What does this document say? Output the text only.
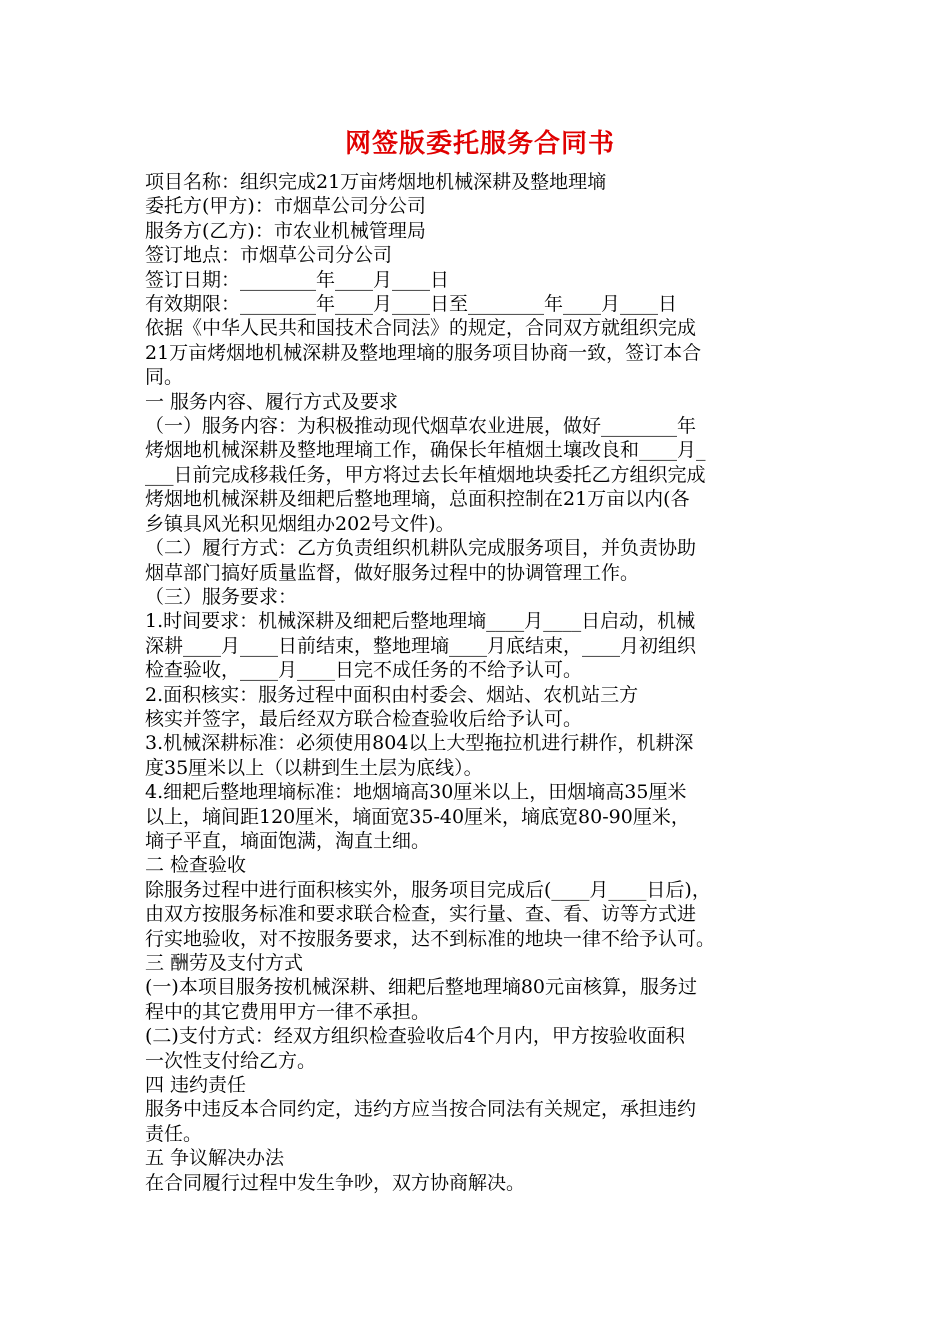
网签版委托服务合同书

项目名称：组织完成21万亩烤烟地机械深耕及整地理墒

委托方(甲方)：市烟草公司分公司

服务方(乙方)：市农业机械管理局

签订地点：市烟草公司分公司

签订日期：________年____月____日

有效期限：________年____月____日至________年____月____日

依据《中华人民共和国技术合同法》的规定，合同双方就组织完成

21万亩烤烟地机械深耕及整地理墒的服务项目协商一致，签订本合

同。

一 服务内容、履行方式及要求

（一）服务内容：为积极推动现代烟草农业进展，做好________年

烤烟地机械深耕及整地理墒工作，确保长年植烟土壤改良和____月_

___日前完成移栽任务，甲方将过去长年植烟地块委托乙方组织完成

烤烟地机械深耕及细耙后整地理墒，总面积控制在21万亩以内(各

乡镇具风光积见烟组办202号文件)。

（二）履行方式：乙方负责组织机耕队完成服务项目，并负责协助

烟草部门搞好质量监督，做好服务过程中的协调管理工作。

（三）服务要求：

1.时间要求：机械深耕及细耙后整地理墒____月____日启动，机械

深耕____月____日前结束，整地理墒____月底结束，____月初组织

检查验收，____月____日完不成任务的不给予认可。

2.面积核实：服务过程中面积由村委会、烟站、农机站三方

核实并签字，最后经双方联合检查验收后给予认可。

3.机械深耕标准：必须使用804以上大型拖拉机进行耕作，机耕深

度35厘米以上（以耕到生土层为底线）。

4.细耙后整地理墒标准：地烟墒高30厘米以上，田烟墒高35厘米

以上，墒间距120厘米，墒面宽35-40厘米，墒底宽80-90厘米，

墒子平直，墒面饱满，淘直土细。

二 检查验收

除服务过程中进行面积核实外，服务项目完成后(____月____日后)，

由双方按服务标准和要求联合检查，实行量、查、看、访等方式进

行实地验收，对不按服务要求，达不到标准的地块一律不给予认可。

三 酬劳及支付方式

(一)本项目服务按机械深耕、细耙后整地理墒80元亩核算，服务过

程中的其它费用甲方一律不承担。

(二)支付方式：经双方组织检查验收后4个月内，甲方按验收面积

一次性支付给乙方。

四 违约责任

服务中违反本合同约定，违约方应当按合同法有关规定，承担违约

责任。

五 争议解决办法

在合同履行过程中发生争吵，双方协商解决。
